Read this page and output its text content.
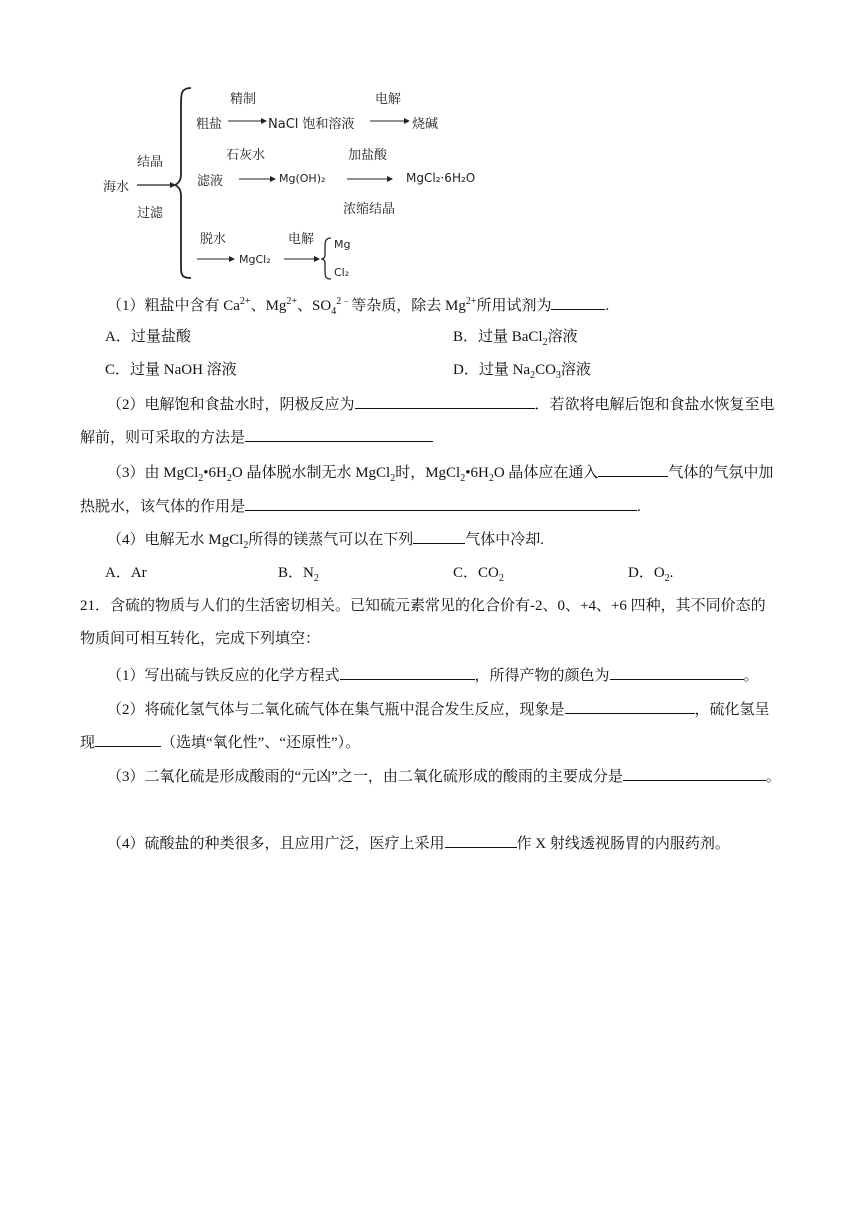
海水
结晶
过滤
精制	电解
粗盐	NaCl 饱和溶液	烧碱
石灰水	加盐酸
滤液	Mg(OH)₂	MgCl₂·6H₂O
浓缩结晶
脱水	电解
MgCl₂
Mg
Cl₂
（1）粗盐中含有 $Ca^{2+}$、$Mg^{2+}$、$SO_4^{2﹣}$等杂质，除去 $Mg^{2+}$所用试剂为	.
A．过量盐酸	B．过量 BaCl$_2$溶液
C．过量 NaOH 溶液	D．过量 $Na_2CO_3$溶液
（2）电解饱和食盐水时，阴极反应为	．若欲将电解后饱和食盐水恢复至电
解前，则可采取的方法是
（3）由 $MgCl_2•6H_2O$ 晶体脱水制无水 MgCl$_2$时，$MgCl_2•6H_2O$ 晶体应在通入	气体的气氛中加
热脱水，该气体的作用是	.
（4）电解无水 MgCl$_2$所得的镁蒸气可以在下列	气体中冷却.
A．Ar	B．$N_2$	C．$CO_2$	D．$O_2$.
21．含硫的物质与人们的生活密切相关。已知硫元素常见的化合价有-2、0、+4、+6 四种，其不同价态的
物质间可相互转化，完成下列填空：
（1）写出硫与铁反应的化学方程式	，所得产物的颜色为	。
（2）将硫化氢气体与二氧化硫气体在集气瓶中混合发生反应，现象是	，硫化氢呈
现	（选填“氧化性”、“还原性”）。
（3）二氧化硫是形成酸雨的“元凶”之一，由二氧化硫形成的酸雨的主要成分是	。
（4）硫酸盐的种类很多，且应用广泛，医疗上采用	作 X 射线透视肠胃的内服药剂。
